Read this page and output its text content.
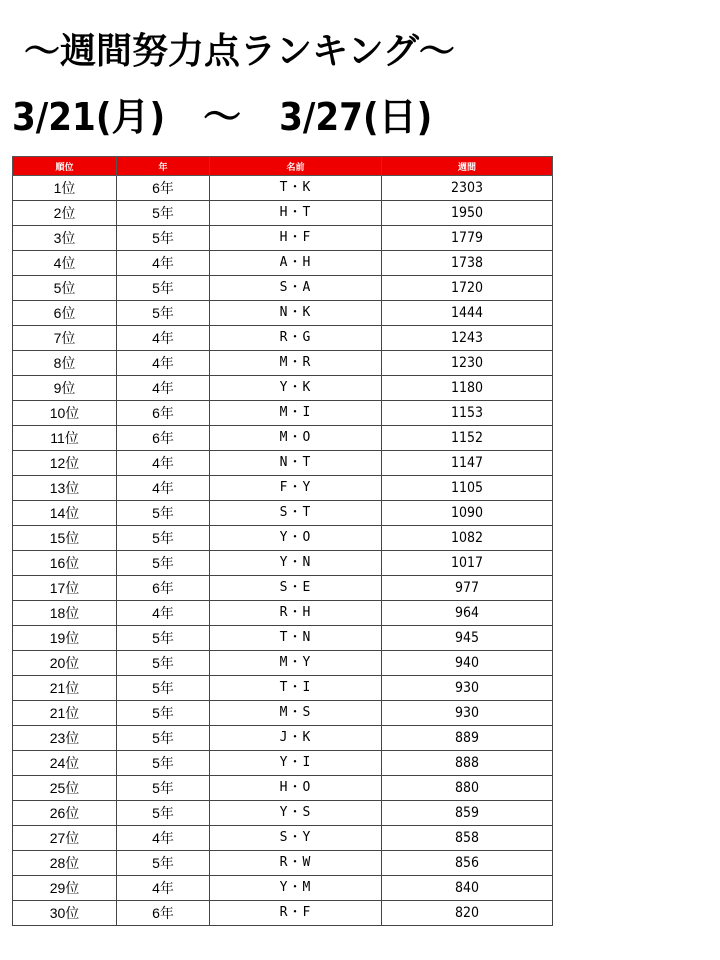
～週間努力点ランキング～
3/21(月)　～　3/27(日)
順位	年	名前	週間
1位	6年	T・K	2303
2位	5年	H・T	1950
3位	5年	H・F	1779
4位	4年	A・H	1738
5位	5年	S・A	1720
6位	5年	N・K	1444
7位	4年	R・G	1243
8位	4年	M・R	1230
9位	4年	Y・K	1180
10位	6年	M・I	1153
11位	6年	M・O	1152
12位	4年	N・T	1147
13位	4年	F・Y	1105
14位	5年	S・T	1090
15位	5年	Y・O	1082
16位	5年	Y・N	1017
17位	6年	S・E	977
18位	4年	R・H	964
19位	5年	T・N	945
20位	5年	M・Y	940
21位	5年	T・I	930
21位	5年	M・S	930
23位	5年	J・K	889
24位	5年	Y・I	888
25位	5年	H・O	880
26位	5年	Y・S	859
27位	4年	S・Y	858
28位	5年	R・W	856
29位	4年	Y・M	840
30位	6年	R・F	820
